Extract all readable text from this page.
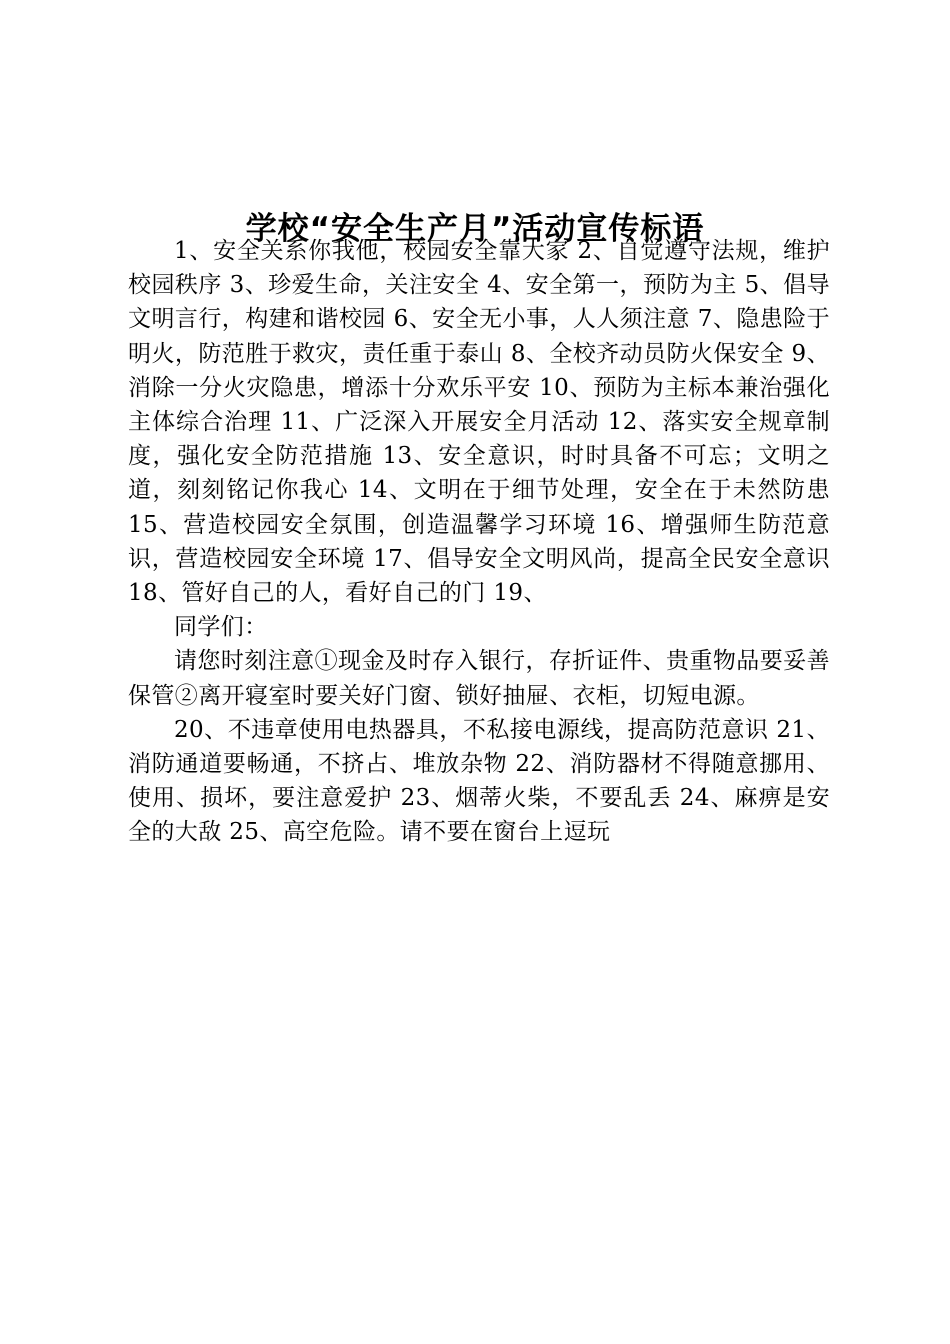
学校“安全生产月”活动宣传标语

1、安全关系你我他，校园安全靠大家 2、自觉遵守法规，维护校园秩序 3、珍爱生命，关注安全 4、安全第一，预防为主 5、倡导文明言行，构建和谐校园 6、安全无小事，人人须注意 7、隐患险于明火，防范胜于救灾，责任重于泰山 8、全校齐动员防火保安全 9、消除一分火灾隐患，增添十分欢乐平安 10、预防为主标本兼治强化主体综合治理 11、广泛深入开展安全月活动 12、落实安全规章制度，强化安全防范措施 13、安全意识，时时具备不可忘；文明之道，刻刻铭记你我心 14、文明在于细节处理，安全在于未然防患 15、营造校园安全氛围，创造温馨学习环境 16、增强师生防范意识，营造校园安全环境 17、倡导安全文明风尚，提高全民安全意识 18、管好自己的人，看好自己的门 19、

同学们：

请您时刻注意①现金及时存入银行，存折证件、贵重物品要妥善保管②离开寝室时要关好门窗、锁好抽屉、衣柜，切短电源。

20、不违章使用电热器具，不私接电源线，提高防范意识 21、消防通道要畅通，不挤占、堆放杂物 22、消防器材不得随意挪用、使用、损坏，要注意爱护 23、烟蒂火柴，不要乱丢 24、麻痹是安全的大敌 25、高空危险。请不要在窗台上逗玩
